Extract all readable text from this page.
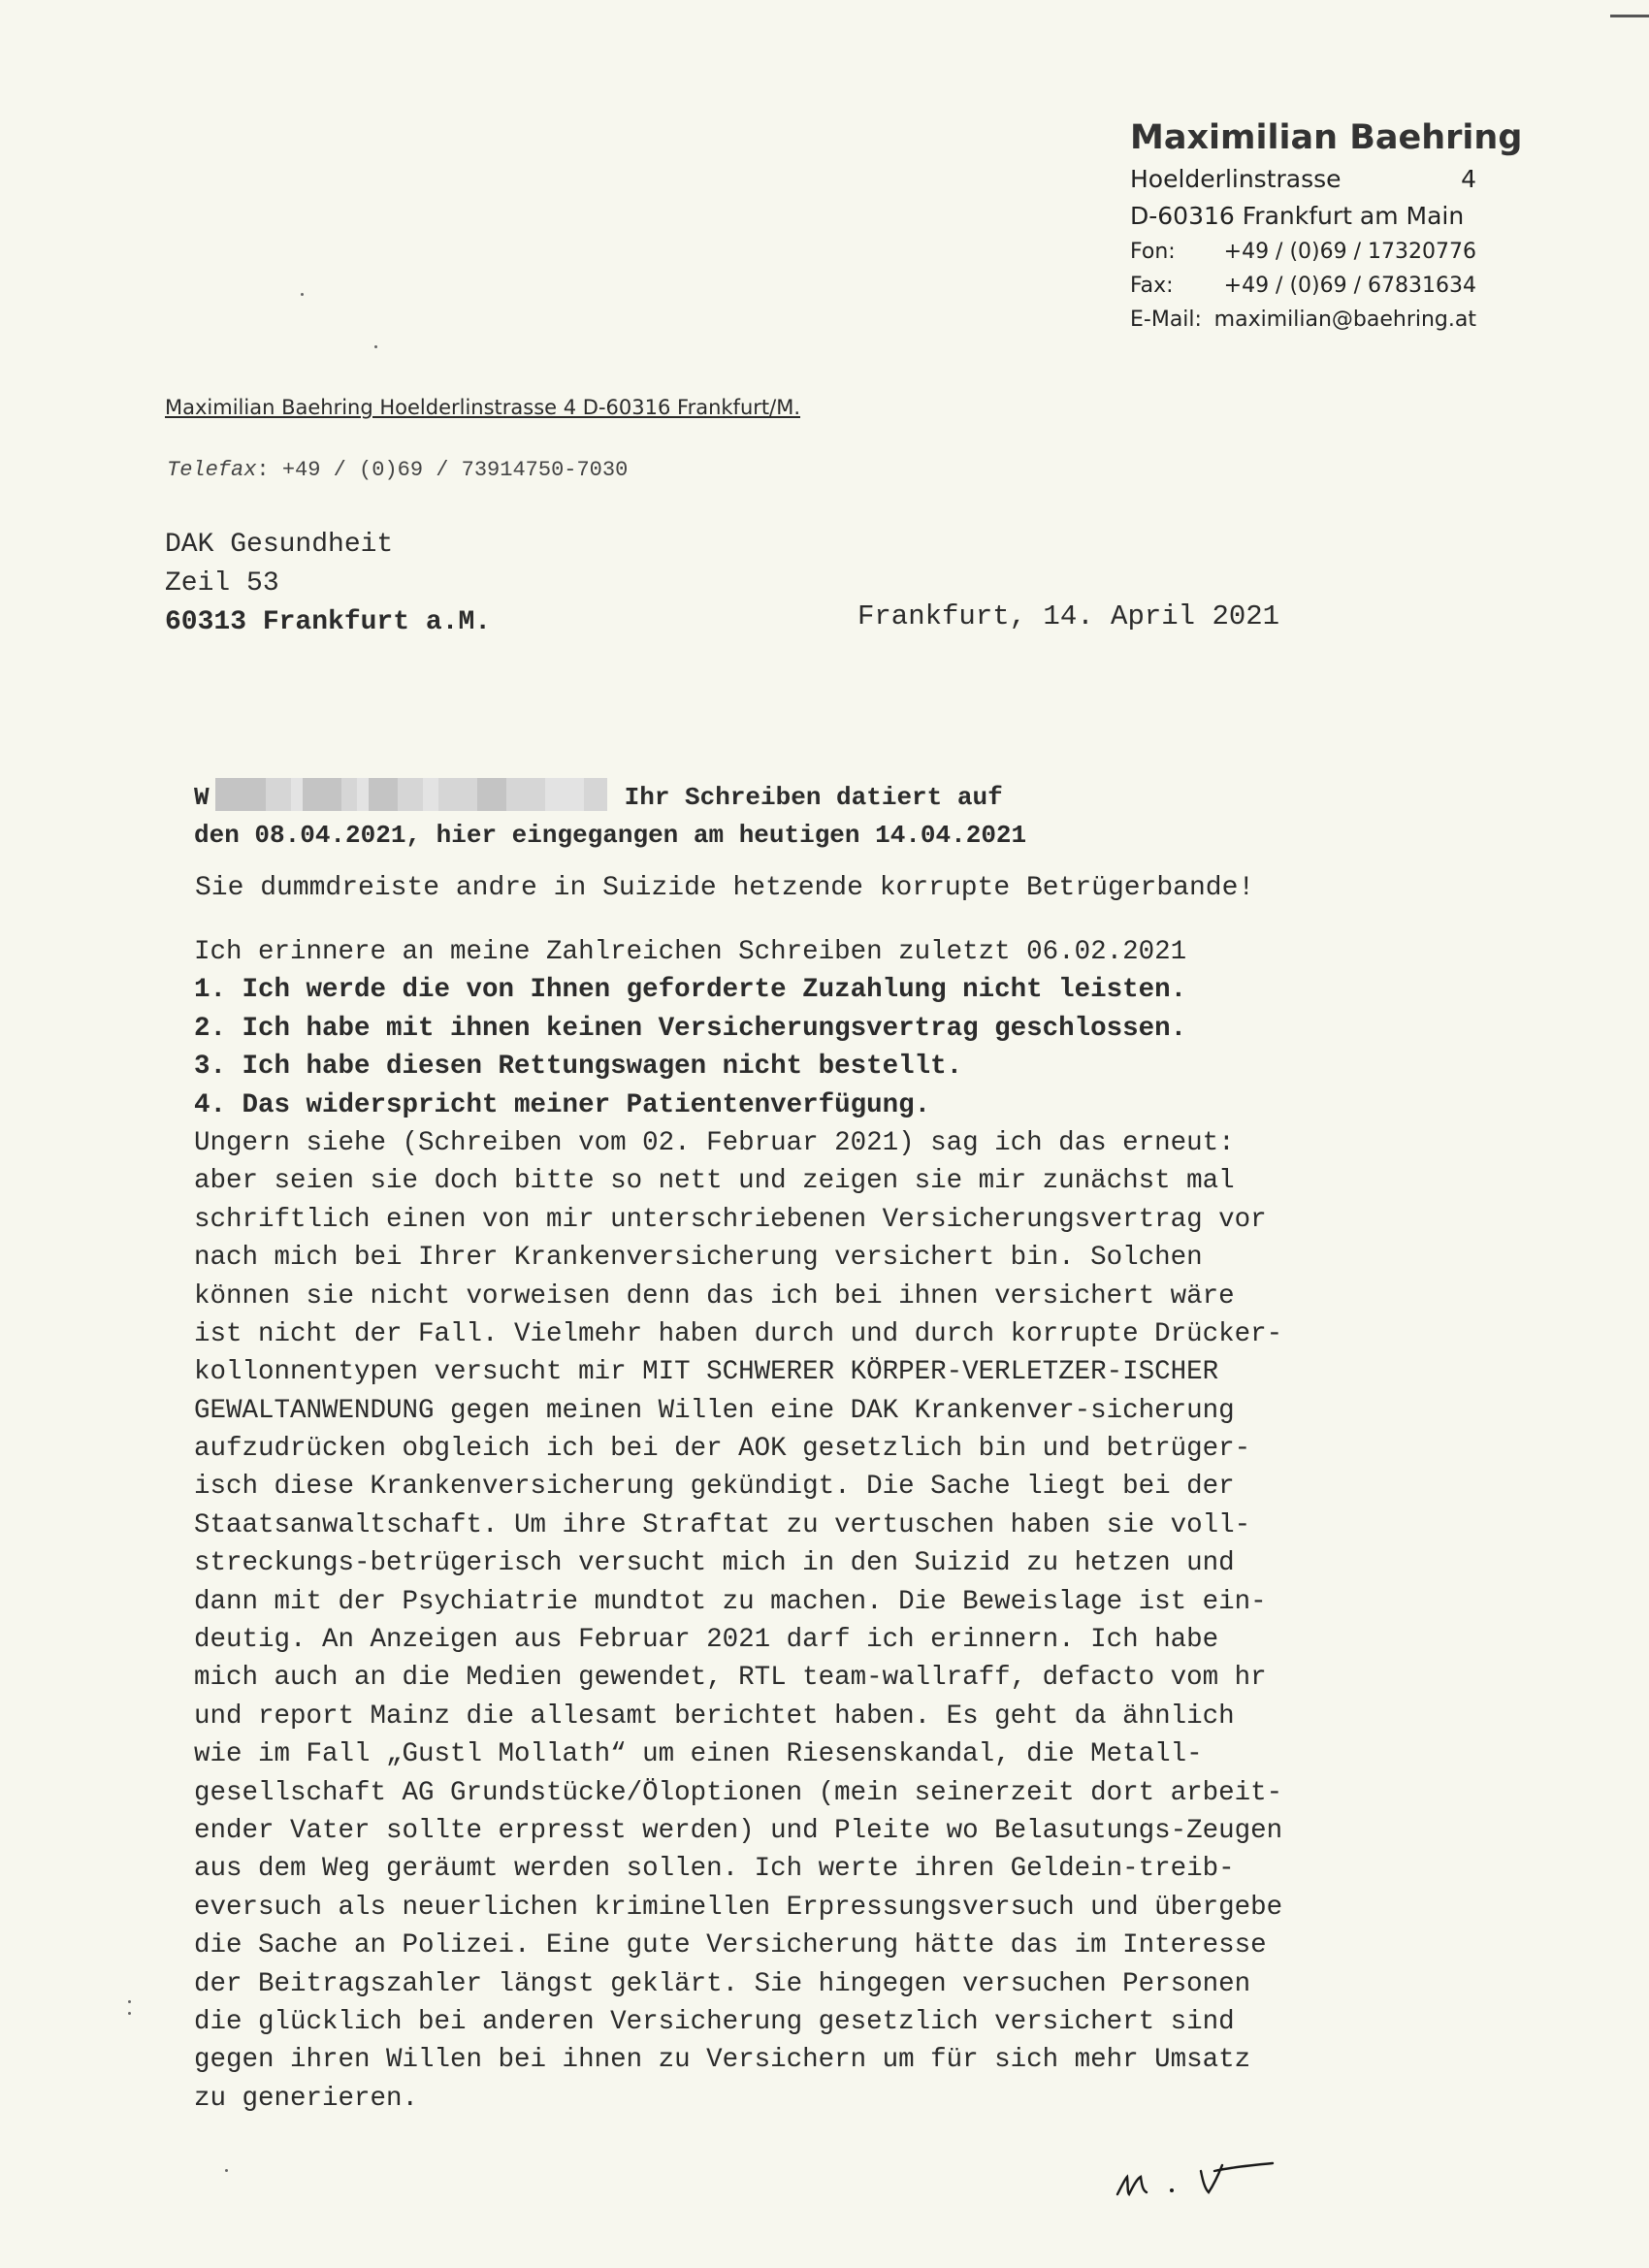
Maximilian Baehring
Hoelderlinstrasse	4
D-60316 Frankfurt am Main
Fon: +49 / (0)69 / 17320776
Fax: +49 / (0)69 / 67831634
E-Mail: maximilian@baehring.at
Maximilian Baehring Hoelderlinstrasse 4 D-60316 Frankfurt/M.
Telefax: +49 / (0)69 / 73914750-7030
DAK Gesundheit
Zeil 53
60313 Frankfurt a.M.	Frankfurt, 14. April 2021
W	Ihr Schreiben datiert auf
den 08.04.2021, hier eingegangen am heutigen 14.04.2021
Sie dummdreiste andre in Suizide hetzende korrupte Betrügerbande!
Ich erinnere an meine Zahlreichen Schreiben zuletzt 06.02.2021
1. Ich werde die von Ihnen geforderte Zuzahlung nicht leisten.
2. Ich habe mit ihnen keinen Versicherungsvertrag geschlossen.
3. Ich habe diesen Rettungswagen nicht bestellt.
4. Das widerspricht meiner Patientenverfügung.
Ungern siehe (Schreiben vom 02. Februar 2021) sag ich das erneut:
aber seien sie doch bitte so nett und zeigen sie mir zunächst mal
schriftlich einen von mir unterschriebenen Versicherungsvertrag vor
nach mich bei Ihrer Krankenversicherung versichert bin. Solchen
können sie nicht vorweisen denn das ich bei ihnen versichert wäre
ist nicht der Fall. Vielmehr haben durch und durch korrupte Drücker-
kollonnentypen versucht mir MIT SCHWERER KÖRPER-VERLETZER-ISCHER
GEWALTANWENDUNG gegen meinen Willen eine DAK Krankenver-sicherung
aufzudrücken obgleich ich bei der AOK gesetzlich bin und betrüger-
isch diese Krankenversicherung gekündigt. Die Sache liegt bei der
Staatsanwaltschaft. Um ihre Straftat zu vertuschen haben sie voll-
streckungs-betrügerisch versucht mich in den Suizid zu hetzen und
dann mit der Psychiatrie mundtot zu machen. Die Beweislage ist ein-
deutig. An Anzeigen aus Februar 2021 darf ich erinnern. Ich habe
mich auch an die Medien gewendet, RTL team-wallraff, defacto vom hr
und report Mainz die allesamt berichtet haben. Es geht da ähnlich
wie im Fall „Gustl Mollath“ um einen Riesenskandal, die Metall-
gesellschaft AG Grundstücke/Öloptionen (mein seinerzeit dort arbeit-
ender Vater sollte erpresst werden) und Pleite wo Belasutungs-Zeugen
aus dem Weg geräumt werden sollen. Ich werte ihren Geldein-treib-
eversuch als neuerlichen kriminellen Erpressungsversuch und übergebe
die Sache an Polizei. Eine gute Versicherung hätte das im Interesse
der Beitragszahler längst geklärt. Sie hingegen versuchen Personen
die glücklich bei anderen Versicherung gesetzlich versichert sind
gegen ihren Willen bei ihnen zu Versichern um für sich mehr Umsatz
zu generieren.
